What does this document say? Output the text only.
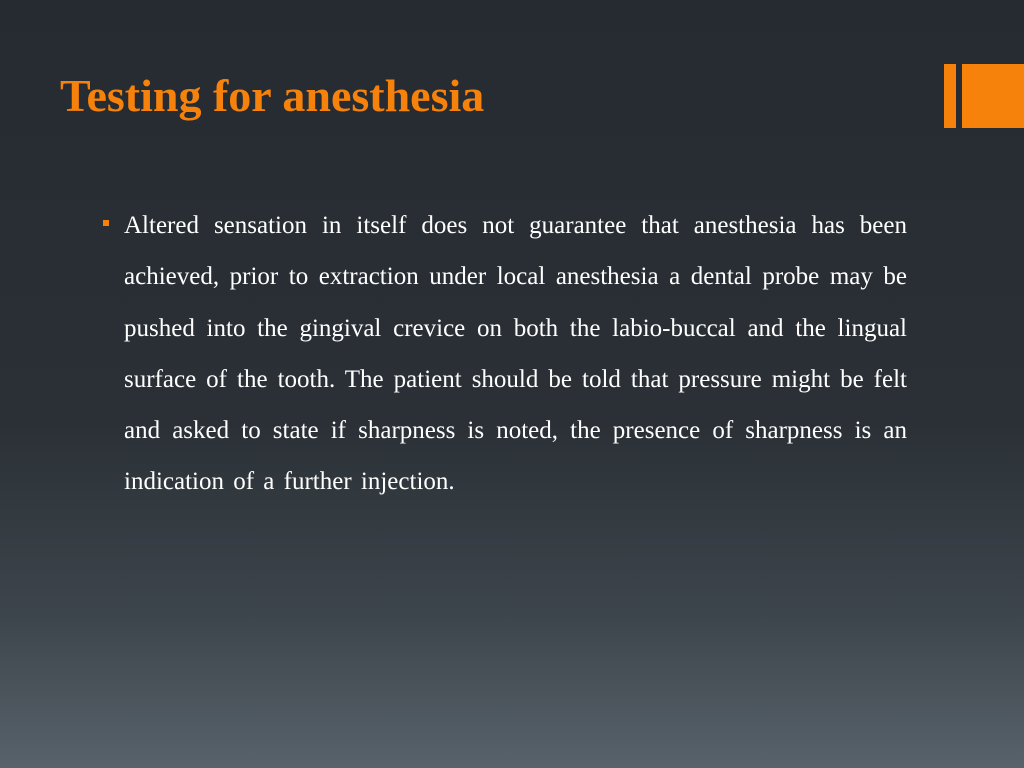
Testing for anesthesia

Altered sensation in itself does not guarantee that anesthesia has been achieved, prior to extraction under local anesthesia a dental probe may be pushed into the gingival crevice on both the labio-buccal and the lingual surface of the tooth. The patient should be told that pressure might be felt and asked to state if sharpness is noted, the presence of sharpness is an indication of a further injection.
